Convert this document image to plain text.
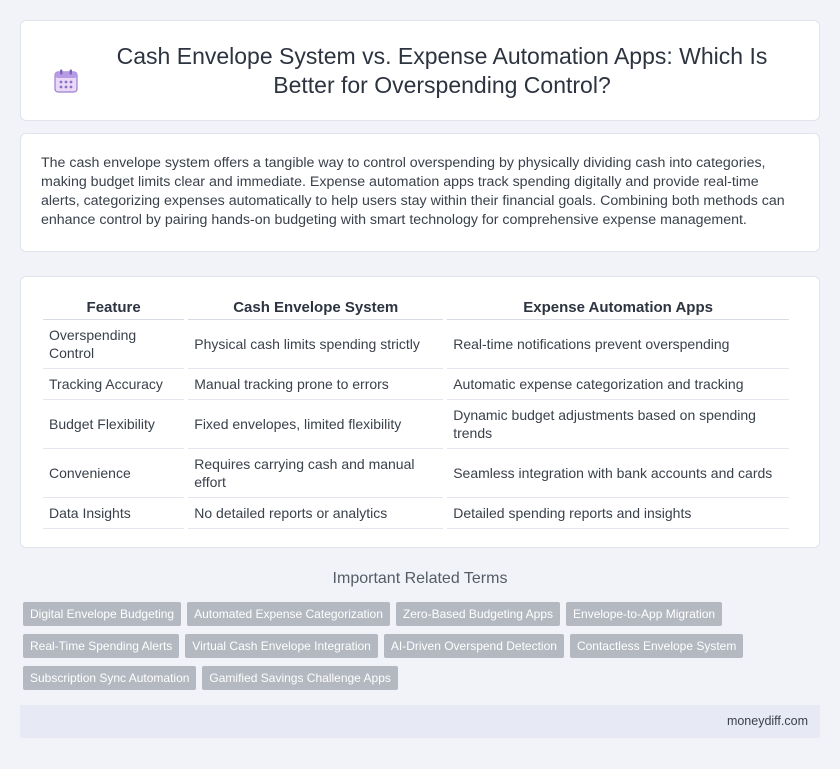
Cash Envelope System vs. Expense Automation Apps: Which Is Better for Overspending Control?

The cash envelope system offers a tangible way to control overspending by physically dividing cash into categories, making budget limits clear and immediate. Expense automation apps track spending digitally and provide real-time alerts, categorizing expenses automatically to help users stay within their financial goals. Combining both methods can enhance control by pairing hands-on budgeting with smart technology for comprehensive expense management.

Feature	Cash Envelope System	Expense Automation Apps
Overspending Control	Physical cash limits spending strictly	Real-time notifications prevent overspending
Tracking Accuracy	Manual tracking prone to errors	Automatic expense categorization and tracking
Budget Flexibility	Fixed envelopes, limited flexibility	Dynamic budget adjustments based on spending trends
Convenience	Requires carrying cash and manual effort	Seamless integration with bank accounts and cards
Data Insights	No detailed reports or analytics	Detailed spending reports and insights
Important Related Terms
Digital Envelope Budgeting	Automated Expense Categorization	Zero-Based Budgeting Apps	Envelope-to-App Migration
Real-Time Spending Alerts	Virtual Cash Envelope Integration	AI-Driven Overspend Detection	Contactless Envelope System
Subscription Sync Automation	Gamified Savings Challenge Apps
moneydiff.com
